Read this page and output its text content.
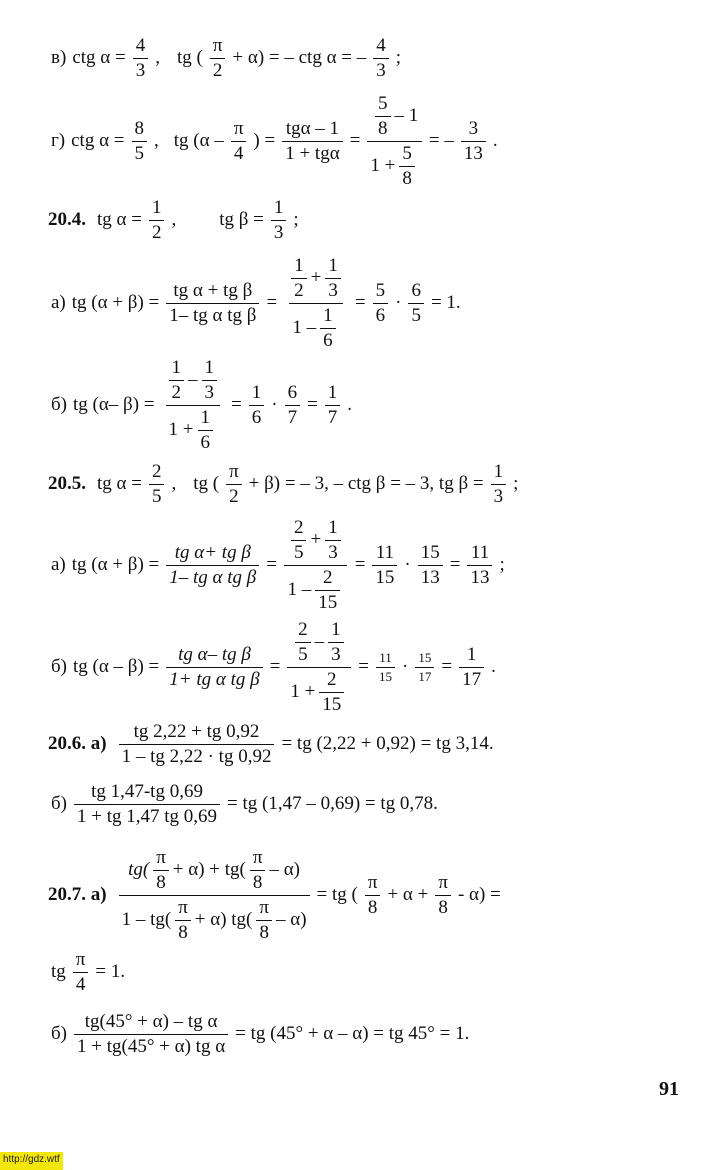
в) ctg $\alpha = \frac{4}{3}$ , tg ( $\frac{\pi}{2} + \alpha$) = – ctg α = – $\frac{4}{3}$ ;
г) ctg $\alpha = \frac{8}{5}$ , tg ($\alpha - \frac{\pi}{4}$ ) = $\frac{\text{tgα – 1}}{\text{1 + tgα}} = \frac{\frac{5}{8} - 1}{1 + \frac{5}{8}}$ = – $\frac{3}{13}$ .
20.4. tg $\alpha = \frac{1}{2}$ , tg $\beta = \frac{1}{3}$ ;
а) tg $(\alpha + \beta) = \frac{\text{tg α + tg β}}{\text{1– tg α tg β}} = \frac{\frac{1}{2} + \frac{1}{3}}{1 - \frac{1}{6}} = \frac{5}{6} \cdot \frac{6}{5} = 1$.
б) tg (α– $\beta) = \frac{\frac{1}{2} - \frac{1}{3}}{1 + \frac{1}{6}} = \frac{1}{6} \cdot \frac{6}{7} = \frac{1}{7}$ .
20.5. tg $\alpha = \frac{2}{5}$ , tg ( $\frac{\pi}{2} + \beta$) = – 3, – ctg β = – 3, tg $\beta = \frac{1}{3}$ ;
а) tg $(\alpha + \beta) = \frac{\text{tg α+ tg β}}{\text{1– tg α tg β}} = \frac{\frac{2}{5} + \frac{1}{3}}{1 - \frac{2}{15}} = \frac{11}{15} \cdot \frac{15}{13} = \frac{11}{13}$ ;
б) tg $(\alpha - \beta) = \frac{\text{tg α– tg β}}{\text{1+ tg α tg β}} = \frac{\frac{2}{5} - \frac{1}{3}}{1 + \frac{2}{15}} = \frac{11}{15} \cdot \frac{15}{17} = \frac{1}{17}$ .
20.6. $а) \frac{tg 2,22 + tg 0,92}{1 - tg 2,22 \cdot tg 0,92}$ = tg (2,22 + 0,92) = tg 3,14.
$б) \frac{tg 1,47-tg 0,69}{1 + tg 1,47 tg 0,69}$ = tg (1,47 – 0,69) = tg 0,78.
20.7. $а) \frac{tg( \frac{\pi}{8} + \alpha) + tg( \frac{\pi}{8} - \alpha)}{1 - tg( \frac{\pi}{8} + \alpha) tg( \frac{\pi}{8} - \alpha)}$ = tg ( $\frac{\pi}{8} + \alpha + \frac{\pi}{8} - \alpha$) =
tg $\frac{\pi}{4} = 1$.
$б) \frac{\text{tg(45° + α) – tg α}}{\text{1 + tg(45° + α) tg α}}$ = tg (45° + α – α) = tg 45° = 1.
91
http://gdz.wtf
